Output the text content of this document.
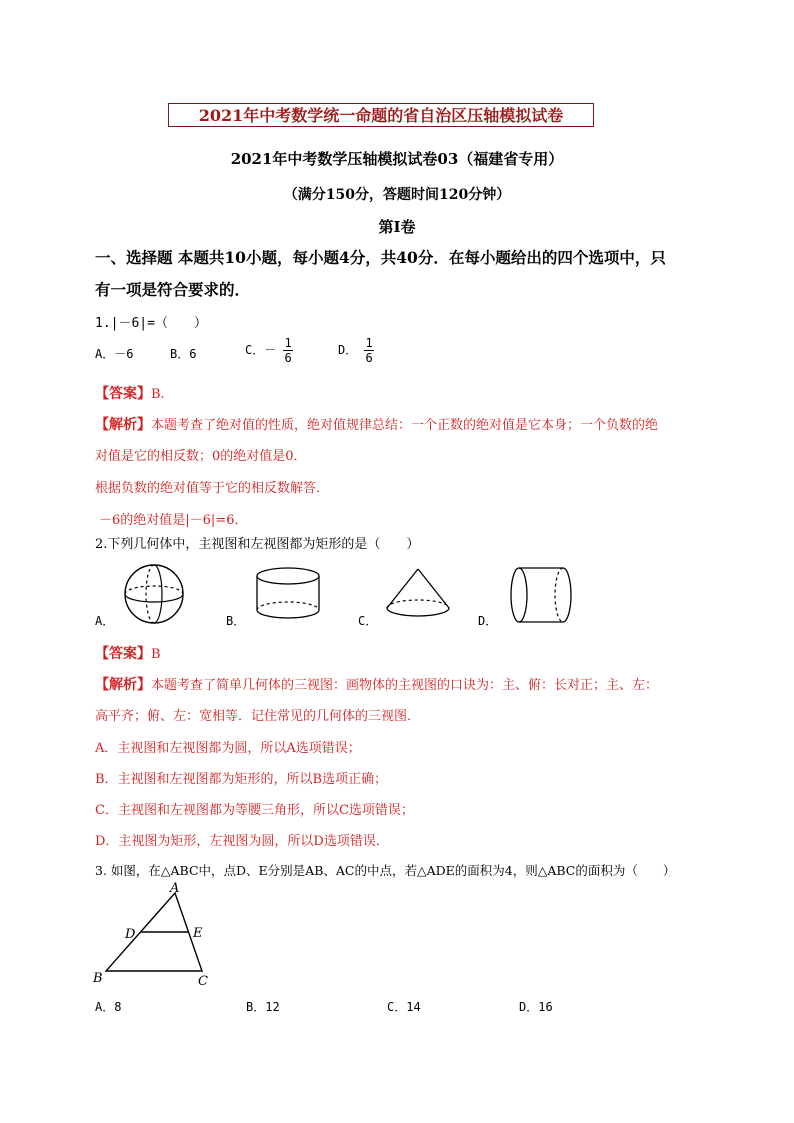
2021年中考数学统一命题的省自治区压轴模拟试卷
2021年中考数学压轴模拟试卷03（福建省专用）
（满分150分，答题时间120分钟）
第Ⅰ卷
一、选择题 本题共10小题，每小题4分，共40分．在每小题给出的四个选项中，只
有一项是符合要求的．
1.|－6|=（　　）
A．－6	B．6	C．－ $\frac{1}{6}$	D． $\frac{1}{6}$
【答案】B.
【解析】本题考查了绝对值的性质，绝对值规律总结：一个正数的绝对值是它本身；一个负数的绝
对值是它的相反数；0的绝对值是0．
根据负数的绝对值等于它的相反数解答．
－6的绝对值是|－6|=6．
2.下列几何体中，主视图和左视图都为矩形的是（　　）
A．	B．	C．	D．
【答案】B
【解析】本题考查了简单几何体的三视图：画物体的主视图的口诀为：主、俯：长对正；主、左：
高平齐；俯、左：宽相等．记住常见的几何体的三视图．
A．主视图和左视图都为圆，所以A选项错误；
B．主视图和左视图都为矩形的，所以B选项正确；
C．主视图和左视图都为等腰三角形，所以C选项错误；
D．主视图为矩形，左视图为圆，所以D选项错误．
3. 如图，在△ABC中，点D、E分别是AB、AC的中点，若△ADE的面积为4，则△ABC的面积为（　　）
A
B	C
D	E
A．8	B．12	C．14	D．16
